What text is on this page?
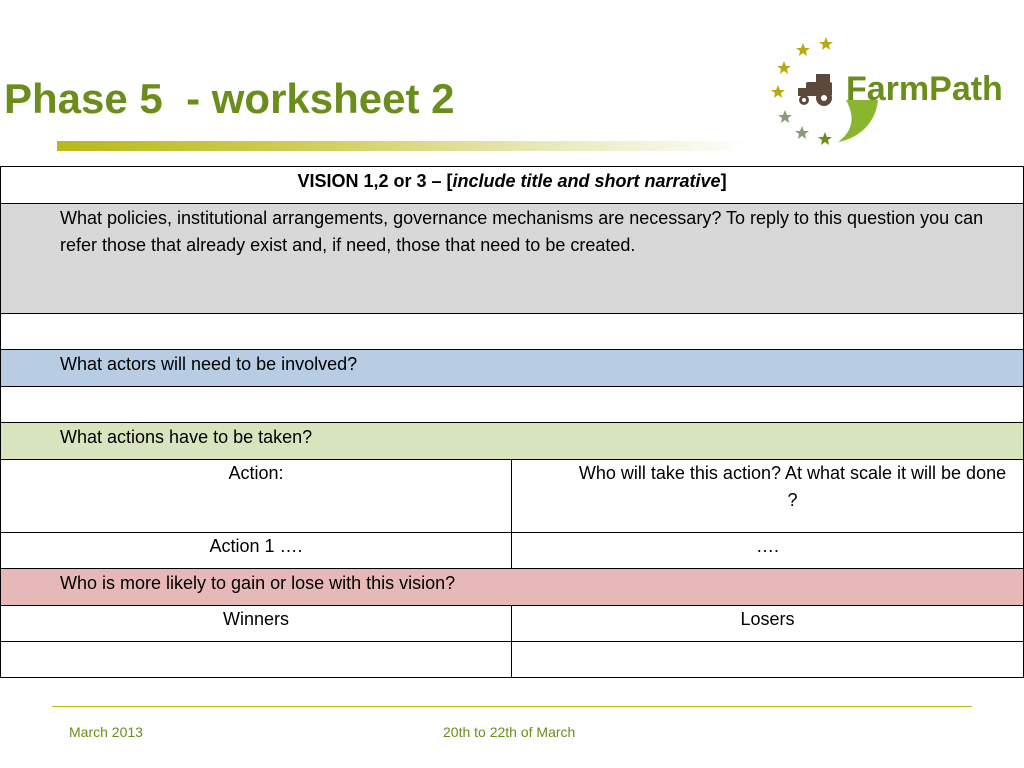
Phase 5  - worksheet 2	FarmPath
VISION 1,2 or 3 – [include title and short narrative]	
What policies, institutional arrangements, governance mechanisms are necessary? To reply to this question you can refer those that already exist and, if need, those that need to be created.	

What actors will need to be involved?	

What actions have to be taken?	
Action:	Who will take this action? At what scale it will be done ?
Action 1 ….	….
Who is more likely to gain or lose with this vision?	
Winners	Losers

March 2013	20th to 22th of March
